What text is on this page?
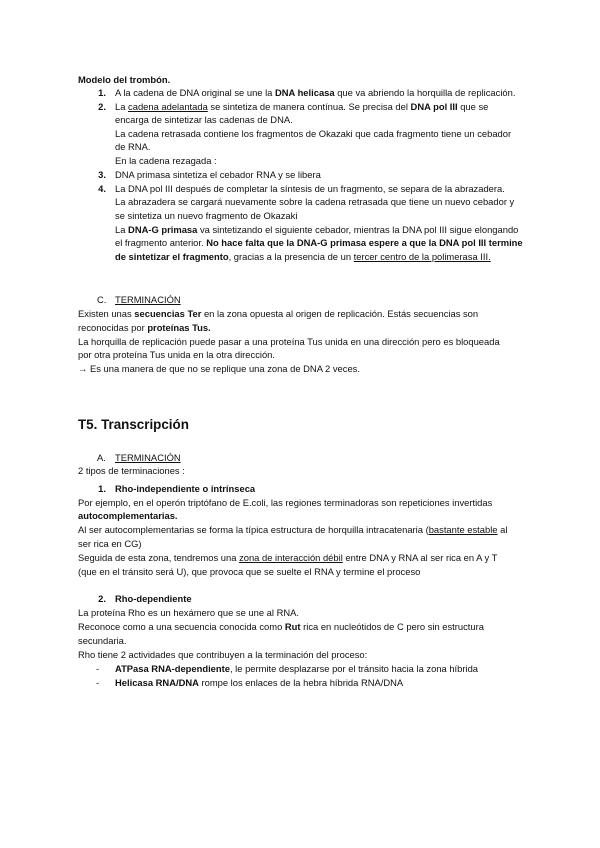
Modelo del trombón.
1. A la cadena de DNA original se une la DNA helicasa que va abriendo la horquilla de replicación.
2. La cadena adelantada se sintetiza de manera contínua. Se precisa del DNA pol III que se
encarga de sintetizar las cadenas de DNA.
La cadena retrasada contiene los fragmentos de Okazaki que cada fragmento tiene un cebador
de RNA.
En la cadena rezagada :
3. DNA primasa sintetiza el cebador RNA y se libera
4. La DNA pol III después de completar la síntesis de un fragmento, se separa de la abrazadera.
La abrazadera se cargará nuevamente sobre la cadena retrasada que tiene un nuevo cebador y
se sintetiza un nuevo fragmento de Okazaki
La DNA-G primasa va sintetizando el siguiente cebador, mientras la DNA pol III sigue elongando
el fragmento anterior. No hace falta que la DNA-G primasa espere a que la DNA pol III termine
de sintetizar el fragmento, gracias a la presencia de un tercer centro de la polimerasa III.
C. TERMINACIÓN
Existen unas secuencias Ter en la zona opuesta al origen de replicación. Estás secuencias son
reconocidas por proteínas Tus.
La horquilla de replicación puede pasar a una proteína Tus unida en una dirección pero es bloqueada
por otra proteína Tus unida en la otra dirección.
→ Es una manera de que no se replique una zona de DNA 2 veces.
T5. Transcripción
A. TERMINACIÓN
2 tipos de terminaciones :
1. Rho-independiente o intrínseca
Por ejemplo, en el operón triptófano de E.coli, las regiones terminadoras son repeticiones invertidas
autocomplementarias.
Al ser autocomplementarias se forma la típica estructura de horquilla intracatenaria (bastante estable al
ser rica en CG)
Seguida de esta zona, tendremos una zona de interacción débil entre DNA y RNA al ser rica en A y T
(que en el tránsito será U), que provoca que se suelte el RNA y termine el proceso
2. Rho-dependiente
La proteína Rho es un hexámero que se une al RNA.
Reconoce como a una secuencia conocida como Rut rica en nucleótidos de C pero sin estructura
secundaria.
Rho tiene 2 actividades que contribuyen a la terminación del proceso:
- ATPasa RNA-dependiente, le permite desplazarse por el tránsito hacia la zona híbrida
- Helicasa RNA/DNA rompe los enlaces de la hebra híbrida RNA/DNA
